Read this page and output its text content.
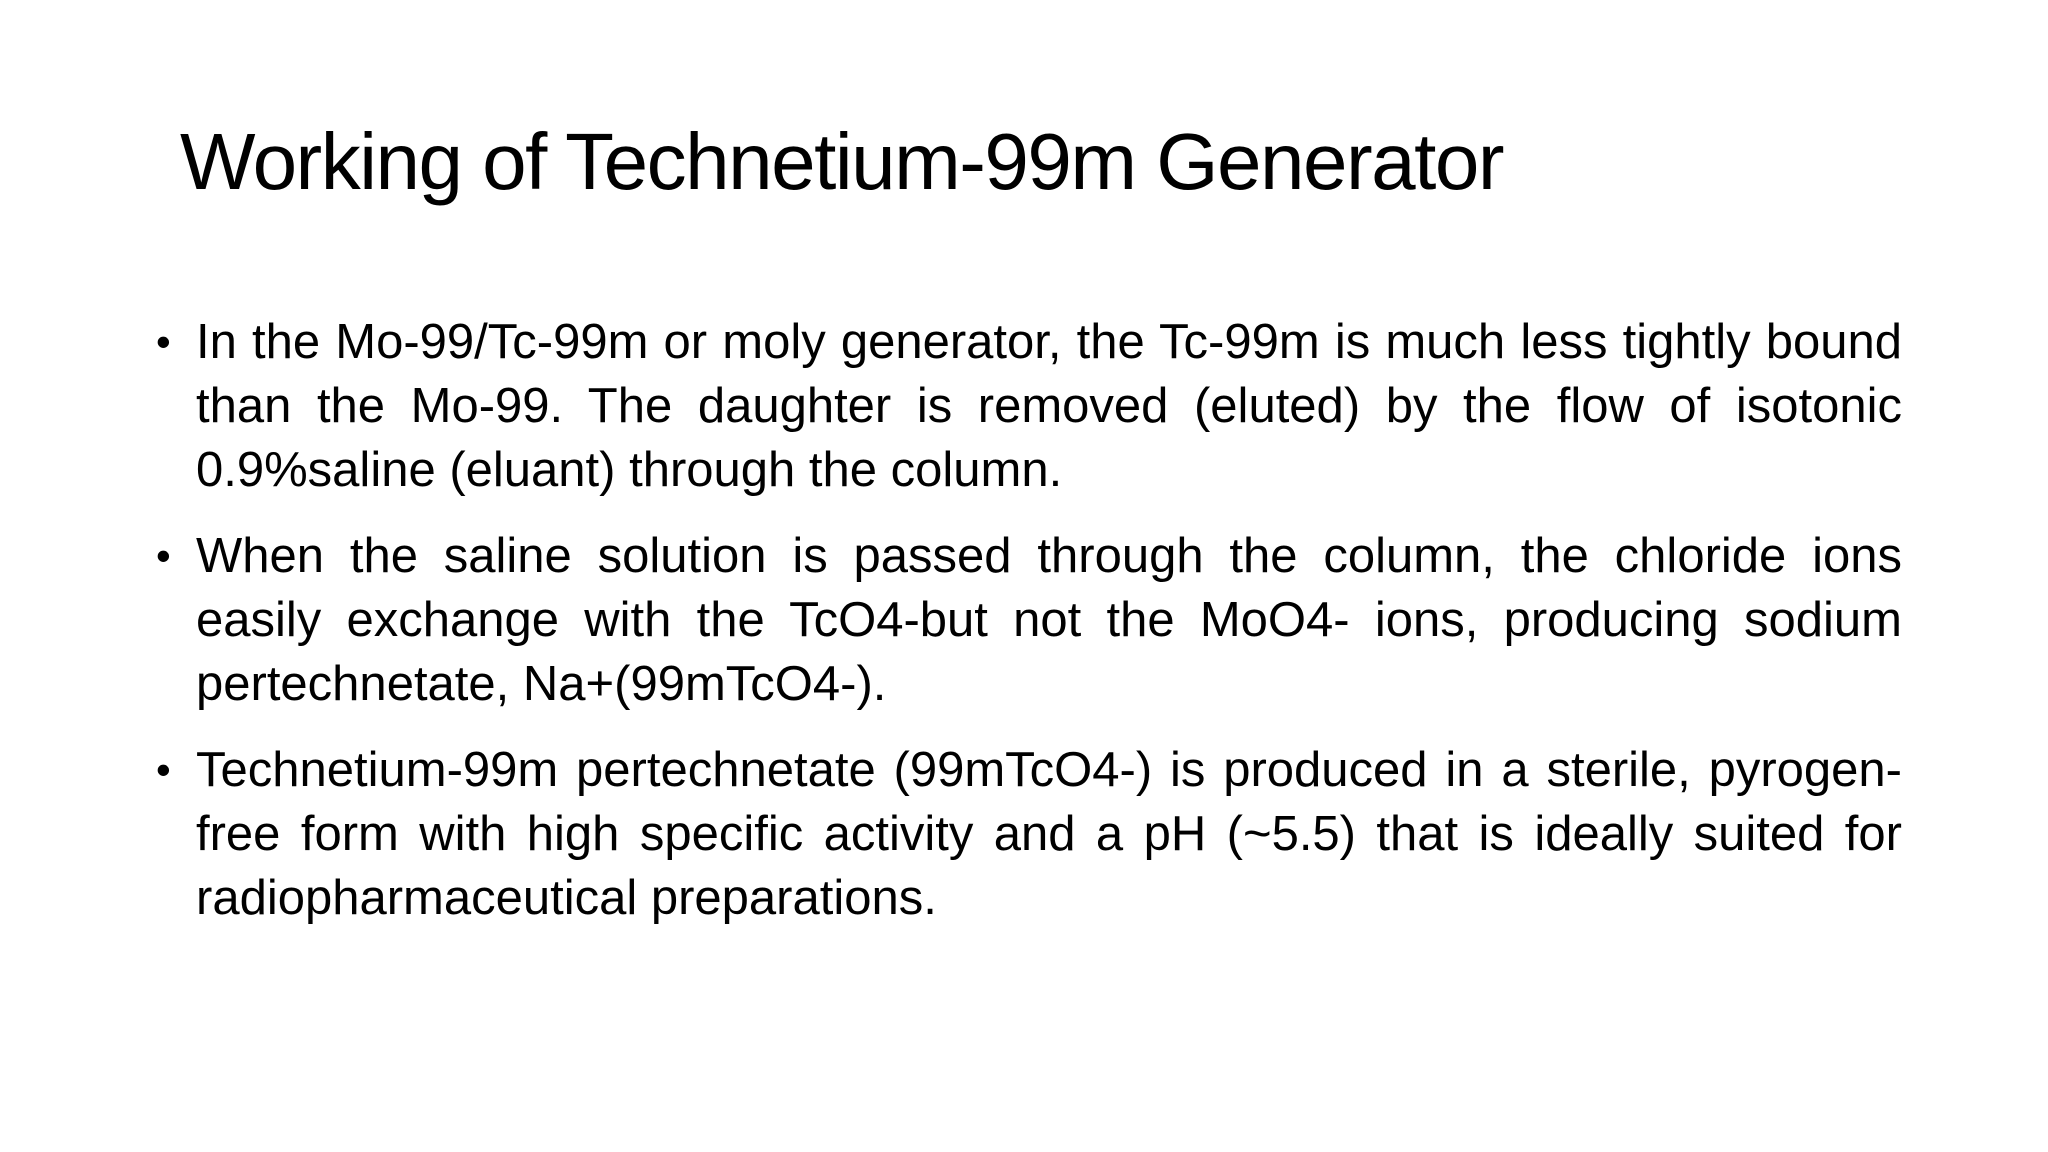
Working of Technetium-99m Generator
• In the Mo-99/Tc-99m or moly generator, the Tc-99m is much less tightly bound than the Mo-99. The daughter is removed (eluted) by the flow of isotonic 0.9%saline (eluant) through the column.
• When the saline solution is passed through the column, the chloride ions easily exchange with the TcO4-but not the MoO4- ions, producing sodium pertechnetate, Na+(99mTcO4-).
• Technetium-99m pertechnetate (99mTcO4-) is produced in a sterile, pyrogen-free form with high specific activity and a pH (~5.5) that is ideally suited for radiopharmaceutical preparations.
